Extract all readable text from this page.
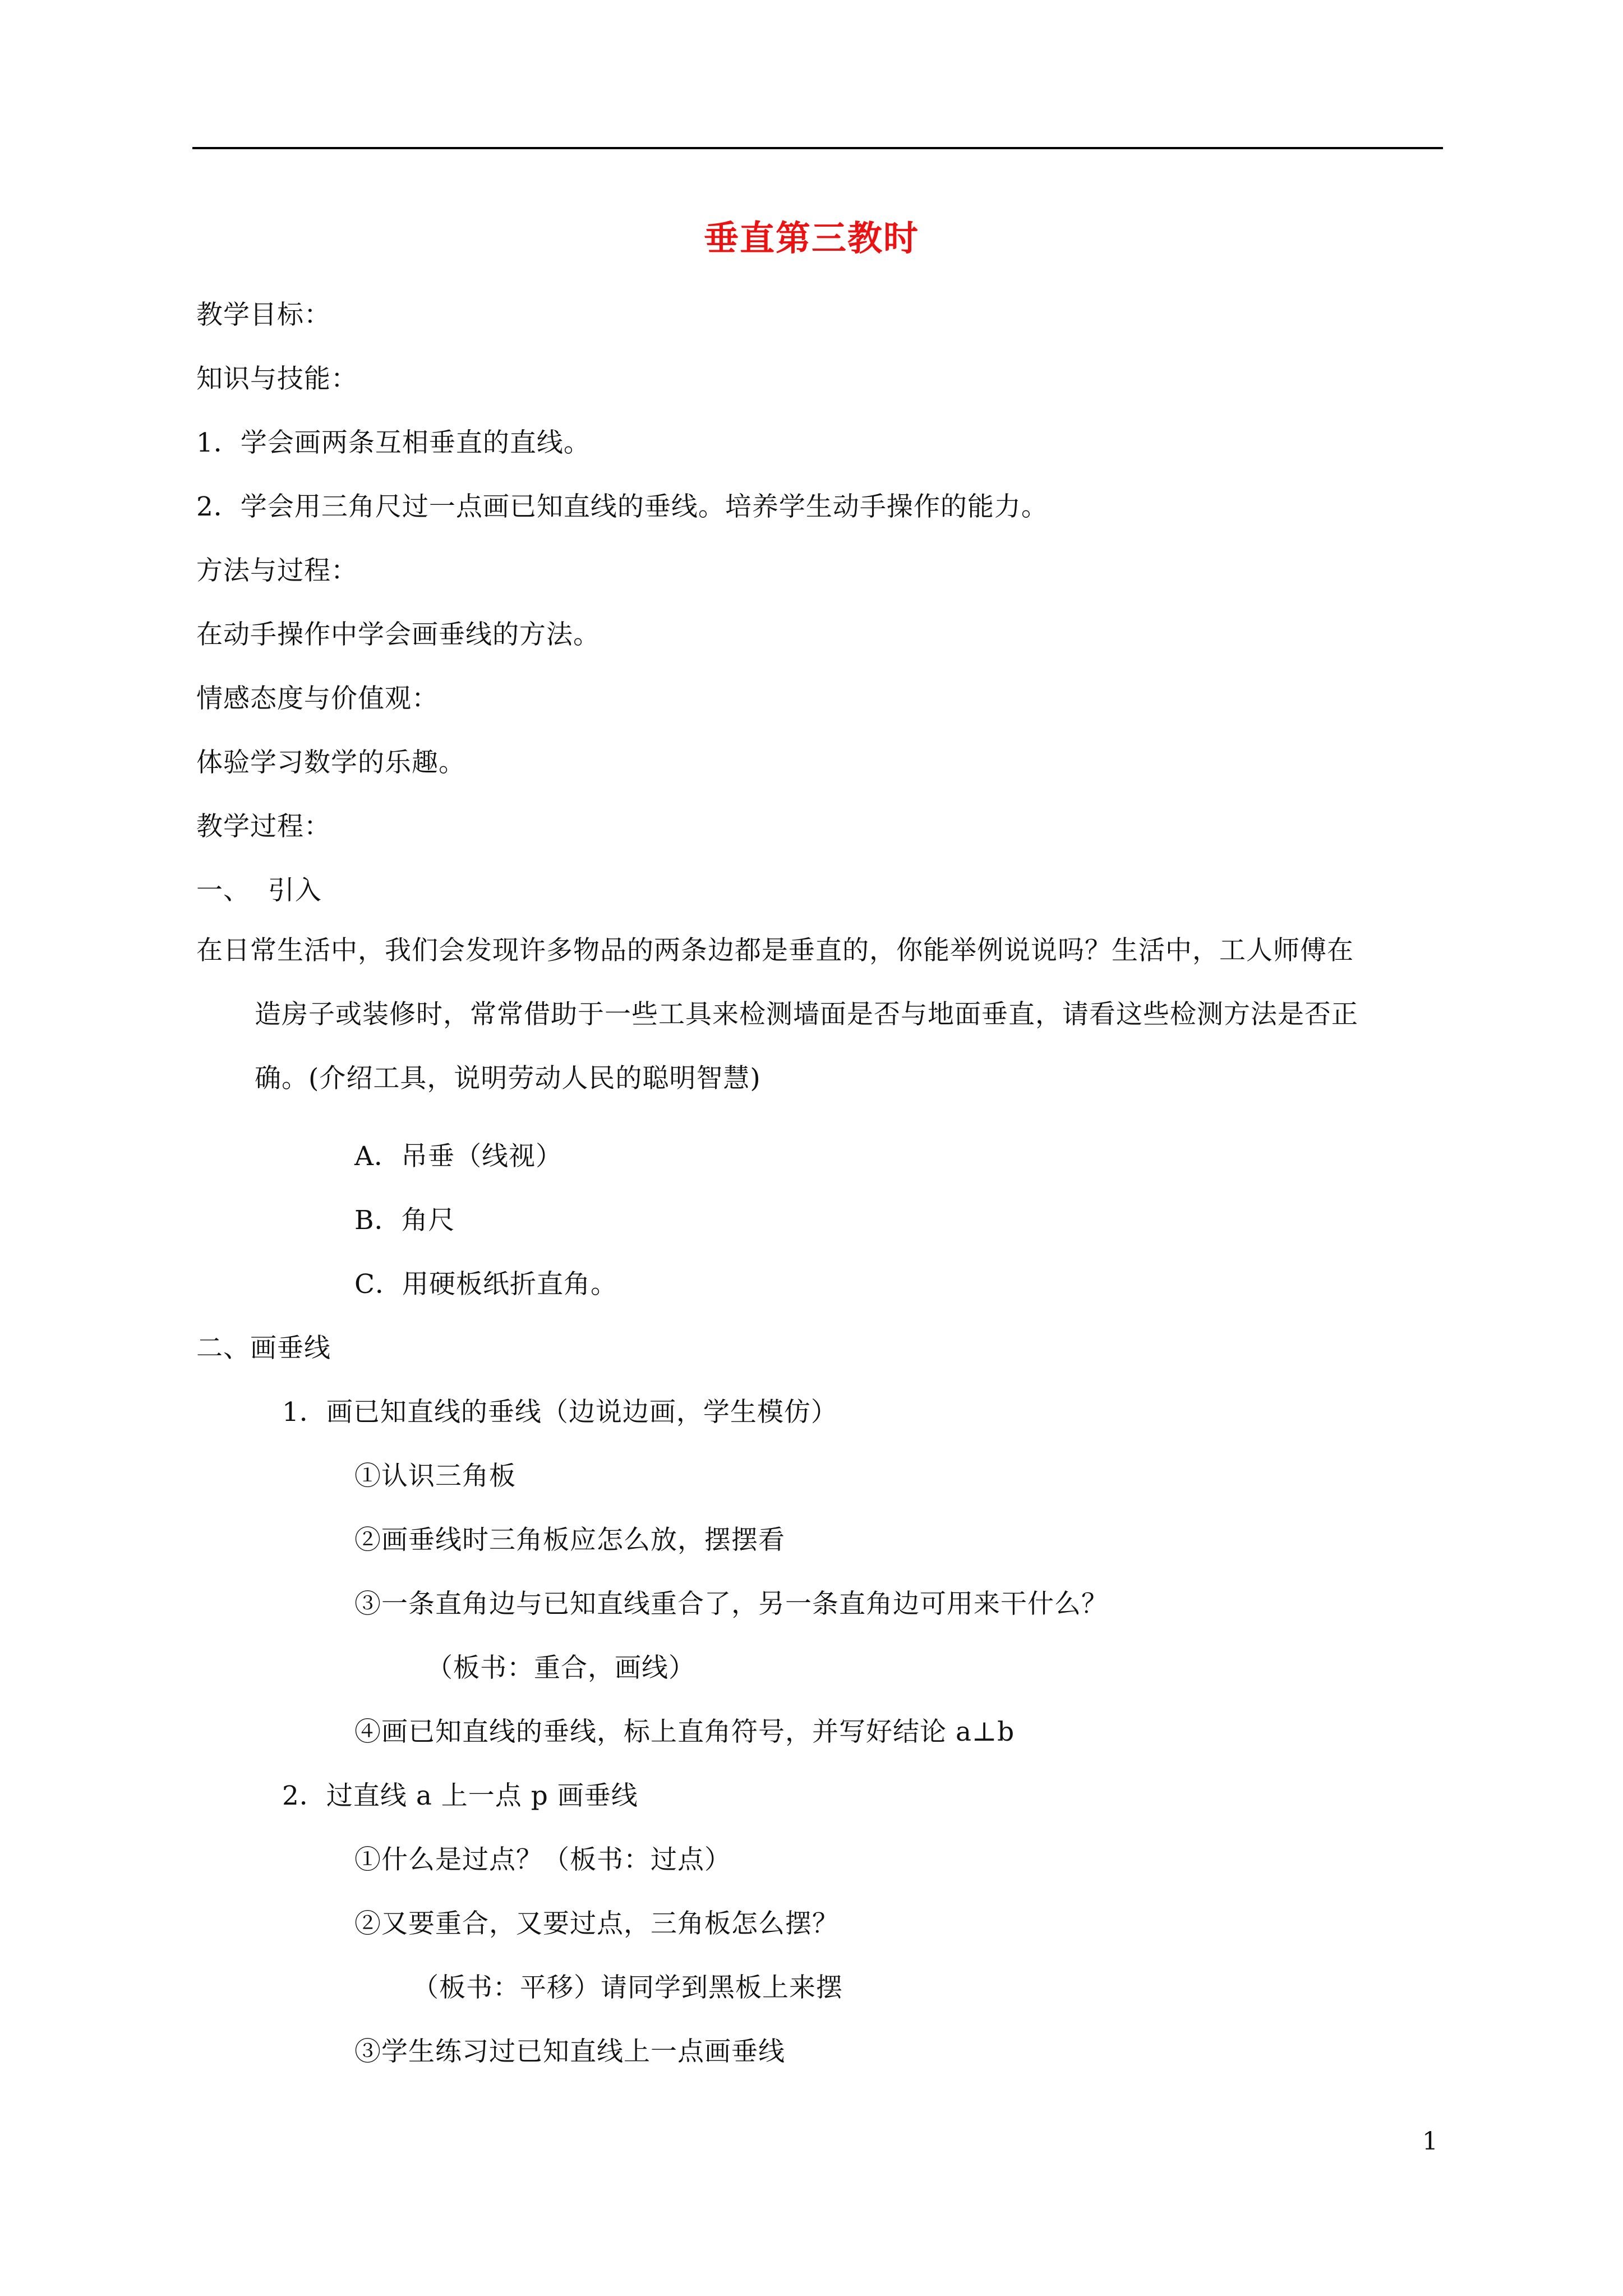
垂直第三教时
教学目标：
知识与技能：
1．学会画两条互相垂直的直线。
2．学会用三角尺过一点画已知直线的垂线。培养学生动手操作的能力。
方法与过程：
在动手操作中学会画垂线的方法。
情感态度与价值观：
体验学习数学的乐趣。
教学过程：
一、  引入
在日常生活中，我们会发现许多物品的两条边都是垂直的，你能举例说说吗？生活中，工人师傅在
造房子或装修时，常常借助于一些工具来检测墙面是否与地面垂直，请看这些检测方法是否正
确。(介绍工具，说明劳动人民的聪明智慧)
A．吊垂（线视）
B．角尺
C．用硬板纸折直角。
二、画垂线
1．画已知直线的垂线（边说边画，学生模仿）
①认识三角板
②画垂线时三角板应怎么放，摆摆看
③一条直角边与已知直线重合了，另一条直角边可用来干什么？
（板书：重合，画线）
④画已知直线的垂线，标上直角符号，并写好结论 a⊥b
2．过直线 a 上一点 p 画垂线
①什么是过点？（板书：过点）
②又要重合，又要过点，三角板怎么摆？
（板书：平移）请同学到黑板上来摆
③学生练习过已知直线上一点画垂线
1
